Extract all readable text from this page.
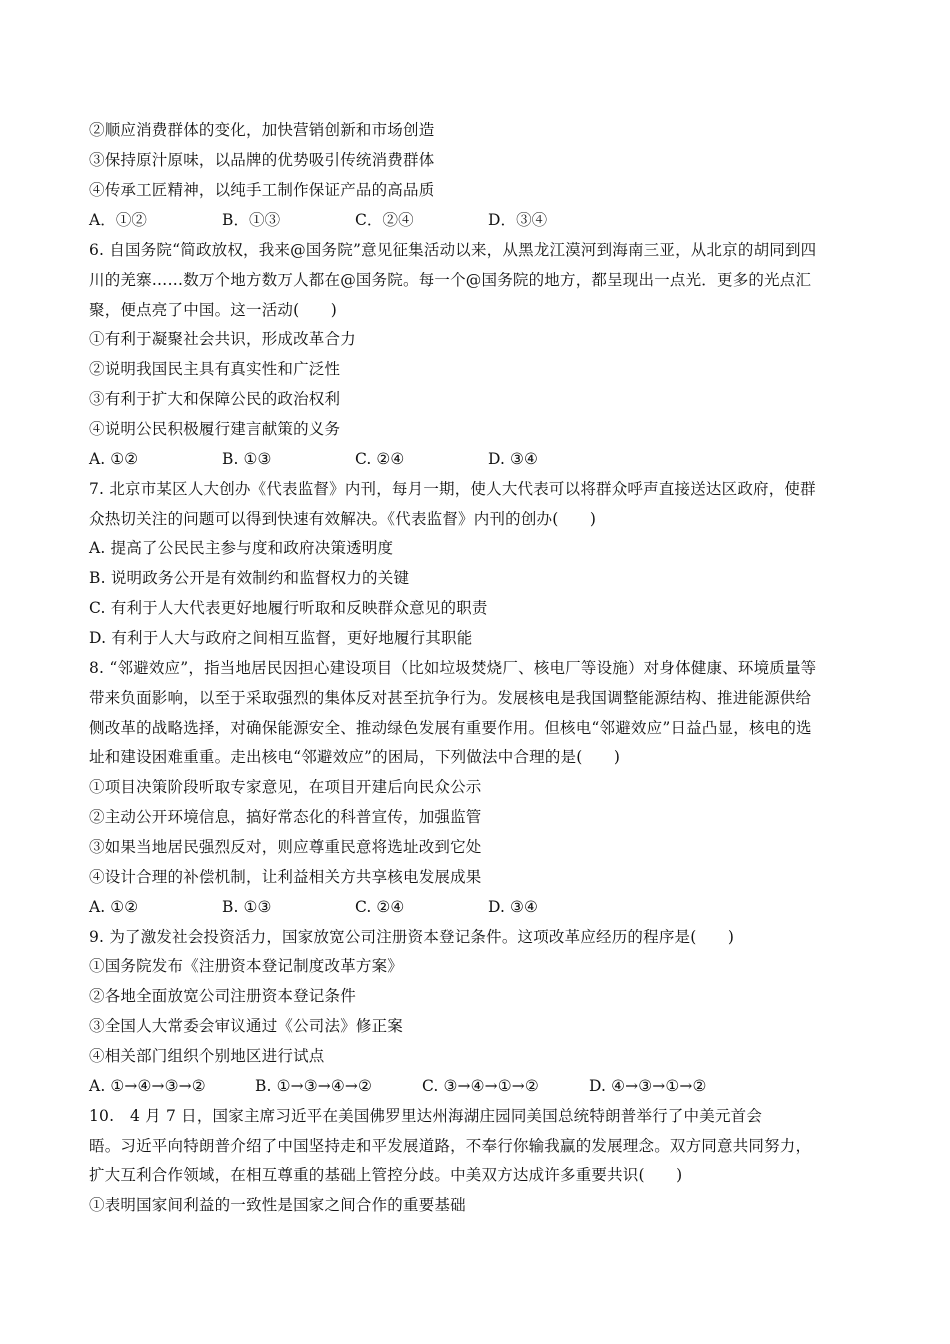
②顺应消费群体的变化，加快营销创新和市场创造
③保持原汁原味，以品牌的优势吸引传统消费群体
④传承工匠精神，以纯手工制作保证产品的高品质
A．①②	B．①③	C．②④	D．③④
6. 自国务院“简政放权，我来@国务院”意见征集活动以来，从黑龙江漠河到海南三亚，从北京的胡同到四
川的羌寨……数万个地方数万人都在@国务院。每一个@国务院的地方，都呈现出一点光．更多的光点汇
聚，便点亮了中国。这一活动(　　)
①有利于凝聚社会共识，形成改革合力
②说明我国民主具有真实性和广泛性
③有利于扩大和保障公民的政治权利
④说明公民积极履行建言献策的义务
A. ①②	B. ①③	C. ②④	D. ③④
7. 北京市某区人大创办《代表监督》内刊，每月一期，使人大代表可以将群众呼声直接送达区政府，使群
众热切关注的问题可以得到快速有效解决。《代表监督》内刊的创办(　　)
A. 提高了公民民主参与度和政府决策透明度
B. 说明政务公开是有效制约和监督权力的关键
C. 有利于人大代表更好地履行听取和反映群众意见的职责
D. 有利于人大与政府之间相互监督，更好地履行其职能
8. “邻避效应”，指当地居民因担心建设项目（比如垃圾焚烧厂、核电厂等设施）对身体健康、环境质量等
带来负面影响，以至于采取强烈的集体反对甚至抗争行为。发展核电是我国调整能源结构、推进能源供给
侧改革的战略选择，对确保能源安全、推动绿色发展有重要作用。但核电“邻避效应”日益凸显，核电的选
址和建设困难重重。走出核电“邻避效应”的困局，下列做法中合理的是(　　)
①项目决策阶段听取专家意见，在项目开建后向民众公示
②主动公开环境信息，搞好常态化的科普宣传，加强监管
③如果当地居民强烈反对，则应尊重民意将选址改到它处
④设计合理的补偿机制，让利益相关方共享核电发展成果
A. ①②	B. ①③	C. ②④	D. ③④
9. 为了激发社会投资活力，国家放宽公司注册资本登记条件。这项改革应经历的程序是(　　)
①国务院发布《注册资本登记制度改革方案》
②各地全面放宽公司注册资本登记条件
③全国人大常委会审议通过《公司法》修正案
④相关部门组织个别地区进行试点
A. ①→④→③→②	B. ①→③→④→②	C. ③→④→①→②	D. ④→③→①→②
10.　4 月 7 日，国家主席习近平在美国佛罗里达州海湖庄园同美国总统特朗普举行了中美元首会
晤。习近平向特朗普介绍了中国坚持走和平发展道路，不奉行你输我赢的发展理念。双方同意共同努力，
扩大互利合作领域，在相互尊重的基础上管控分歧。中美双方达成许多重要共识(　　)
①表明国家间利益的一致性是国家之间合作的重要基础
